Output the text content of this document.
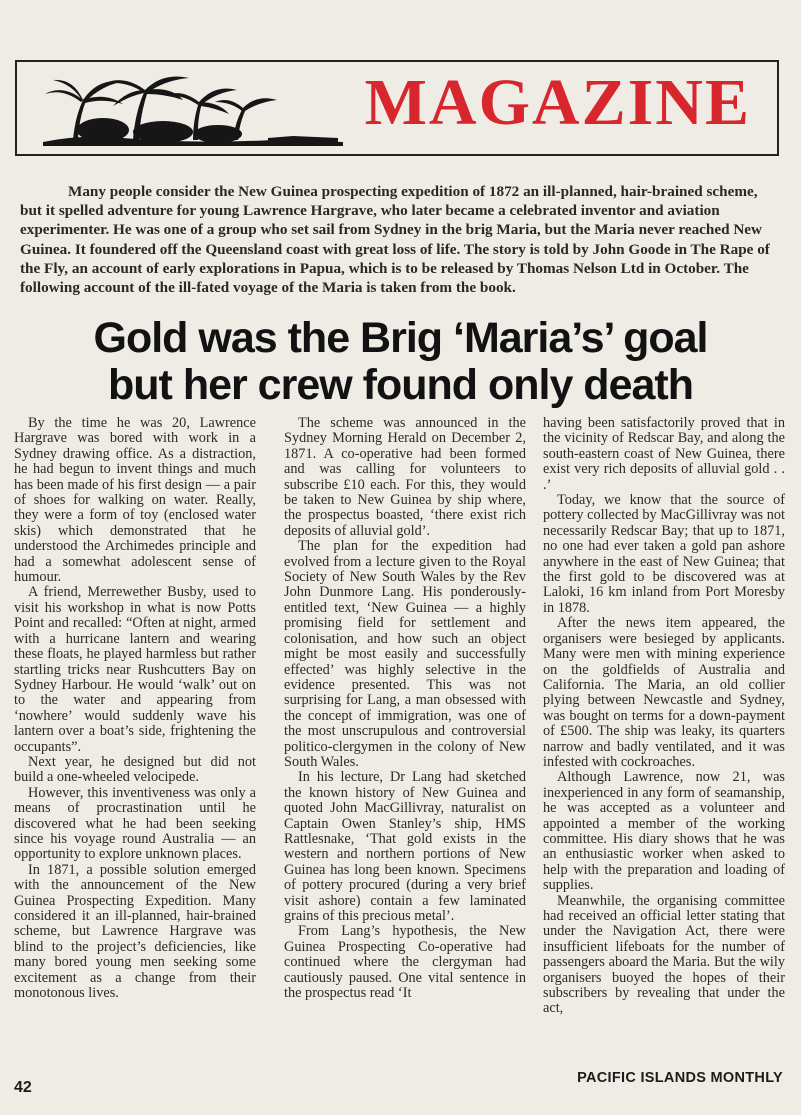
MAGAZINE

Many people consider the New Guinea prospecting expedition of 1872 an ill-planned, hair-brained scheme, but it spelled adventure for young Lawrence Hargrave, who later became a celebrated inventor and aviation experimenter. He was one of a group who set sail from Sydney in the brig Maria, but the Maria never reached New Guinea. It foundered off the Queensland coast with great loss of life. The story is told by John Goode in The Rape of the Fly, an account of early explorations in Papua, which is to be released by Thomas Nelson Ltd in October. The following account of the ill-fated voyage of the Maria is taken from the book.

Gold was the Brig ‘Maria’s’ goal
but her crew found only death

By the time he was 20, Lawrence Hargrave was bored with work in a Sydney drawing office. As a distraction, he had begun to invent things and much has been made of his first design — a pair of shoes for walking on water. Really, they were a form of toy (enclosed water skis) which demonstrated that he understood the Archimedes principle and had a somewhat adolescent sense of humour.

A friend, Merrewether Busby, used to visit his workshop in what is now Potts Point and recalled: “Often at night, armed with a hurricane lantern and wearing these floats, he played harmless but rather startling tricks near Rushcutters Bay on Sydney Harbour. He would ‘walk’ out on to the water and appearing from ‘nowhere’ would suddenly wave his lantern over a boat’s side, frightening the occupants”.

Next year, he designed but did not build a one-wheeled velocipede.

However, this inventiveness was only a means of procrastination until he discovered what he had been seeking since his voyage round Australia — an opportunity to explore unknown places.

In 1871, a possible solution emerged with the announcement of the New Guinea Prospecting Expedition. Many considered it an ill-planned, hair-brained scheme, but Lawrence Hargrave was blind to the project’s deficiencies, like many bored young men seeking some excitement as a change from their monotonous lives.

The scheme was announced in the Sydney Morning Herald on December 2, 1871. A co-operative had been formed and was calling for volunteers to subscribe £10 each. For this, they would be taken to New Guinea by ship where, the prospectus boasted, ‘there exist rich deposits of alluvial gold’.

The plan for the expedition had evolved from a lecture given to the Royal Society of New South Wales by the Rev John Dunmore Lang. His ponderously-entitled text, ‘New Guinea — a highly promising field for settlement and colonisation, and how such an object might be most easily and successfully effected’ was highly selective in the evidence presented. This was not surprising for Lang, a man obsessed with the concept of immigration, was one of the most unscrupulous and controversial politico-clergymen in the colony of New South Wales.

In his lecture, Dr Lang had sketched the known history of New Guinea and quoted John MacGillivray, naturalist on Captain Owen Stanley’s ship, HMS Rattlesnake, ‘That gold exists in the western and northern portions of New Guinea has long been known. Specimens of pottery procured (during a very brief visit ashore) contain a few laminated grains of this precious metal’.

From Lang’s hypothesis, the New Guinea Prospecting Co-operative had continued where the clergyman had cautiously paused. One vital sentence in the prospectus read ‘It

having been satisfactorily proved that in the vicinity of Redscar Bay, and along the south-eastern coast of New Guinea, there exist very rich deposits of alluvial gold . . .’

Today, we know that the source of pottery collected by MacGillivray was not necessarily Redscar Bay; that up to 1871, no one had ever taken a gold pan ashore anywhere in the east of New Guinea; that the first gold to be discovered was at Laloki, 16 km inland from Port Moresby in 1878.

After the news item appeared, the organisers were besieged by applicants. Many were men with mining experience on the goldfields of Australia and California. The Maria, an old collier plying between Newcastle and Sydney, was bought on terms for a down-payment of £500. The ship was leaky, its quarters narrow and badly ventilated, and it was infested with cockroaches.

Although Lawrence, now 21, was inexperienced in any form of seamanship, he was accepted as a volunteer and appointed a member of the working committee. His diary shows that he was an enthusiastic worker when asked to help with the preparation and loading of supplies.

Meanwhile, the organising committee had received an official letter stating that under the Navigation Act, there were insufficient lifeboats for the number of passengers aboard the Maria. But the wily organisers buoyed the hopes of their subscribers by revealing that under the act,

42
PACIFIC ISLANDS MONTHLY
